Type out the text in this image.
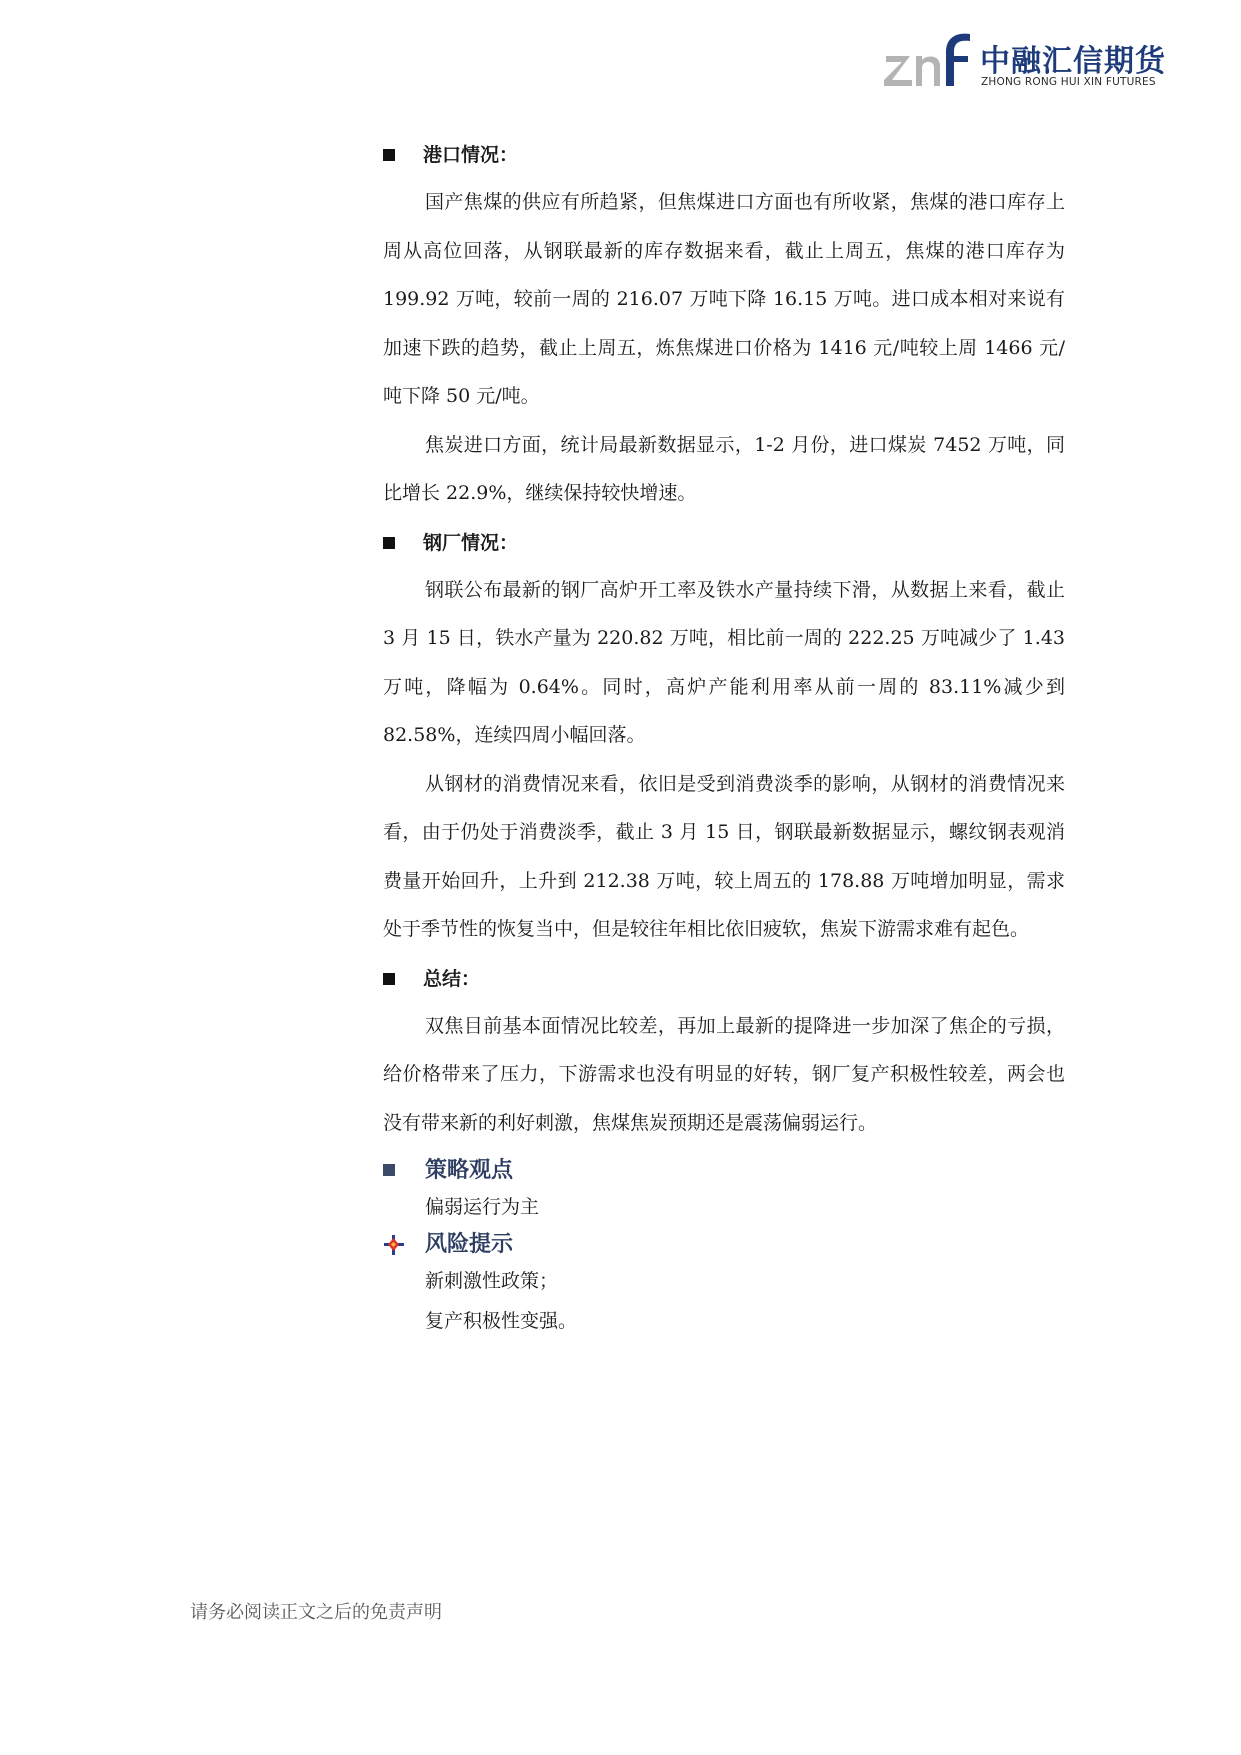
中融汇信期货
ZHONG RONG HUI XIN FUTURES
港口情况：

国产焦煤的供应有所趋紧，但焦煤进口方面也有所收紧，焦煤的港口库存上周从高位回落，从钢联最新的库存数据来看，截止上周五，焦煤的港口库存为 199.92 万吨，较前一周的 216.07 万吨下降 16.15 万吨。进口成本相对来说有加速下跌的趋势，截止上周五，炼焦煤进口价格为 1416 元/吨较上周 1466 元/吨下降 50 元/吨。

焦炭进口方面，统计局最新数据显示，1-2 月份，进口煤炭 7452 万吨，同比增长 22.9%，继续保持较快增速。

钢厂情况：

钢联公布最新的钢厂高炉开工率及铁水产量持续下滑，从数据上来看，截止 3 月 15 日，铁水产量为 220.82 万吨，相比前一周的 222.25 万吨减少了 1.43 万吨，降幅为 0.64%。同时，高炉产能利用率从前一周的 83.11%减少到 82.58%，连续四周小幅回落。

从钢材的消费情况来看，依旧是受到消费淡季的影响，从钢材的消费情况来看，由于仍处于消费淡季，截止 3 月 15 日，钢联最新数据显示，螺纹钢表观消费量开始回升，上升到 212.38 万吨，较上周五的 178.88 万吨增加明显，需求处于季节性的恢复当中，但是较往年相比依旧疲软，焦炭下游需求难有起色。

总结：

双焦目前基本面情况比较差，再加上最新的提降进一步加深了焦企的亏损，给价格带来了压力，下游需求也没有明显的好转，钢厂复产积极性较差，两会也没有带来新的利好刺激，焦煤焦炭预期还是震荡偏弱运行。

策略观点
偏弱运行为主
风险提示
新刺激性政策；
复产积极性变强。
请务必阅读正文之后的免责声明
